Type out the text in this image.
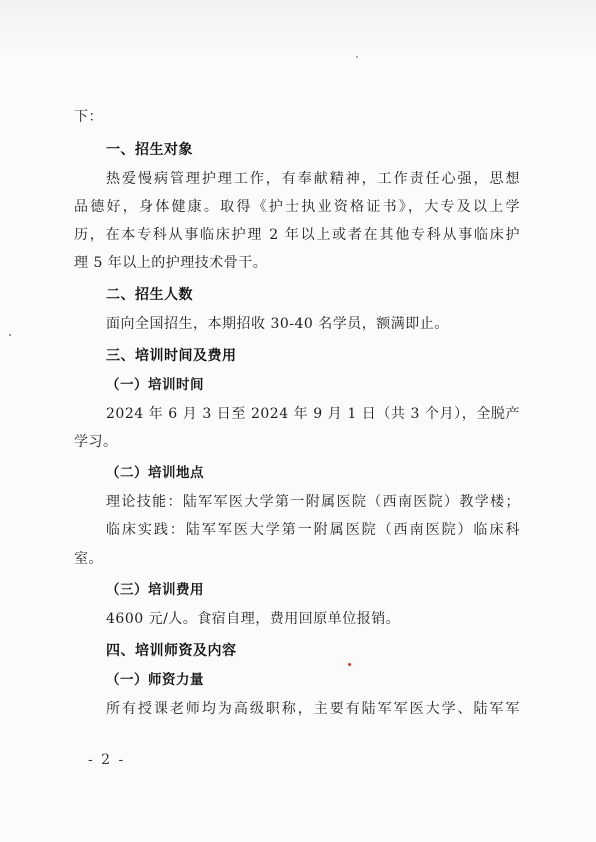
下：
一、招生对象
热爱慢病管理护理工作，有奉献精神，工作责任心强，思想
品德好，身体健康。取得《护士执业资格证书》，大专及以上学
历，在本专科从事临床护理 2 年以上或者在其他专科从事临床护
理 5 年以上的护理技术骨干。
二、招生人数
面向全国招生，本期招收 30-40 名学员，额满即止。
三、培训时间及费用
（一）培训时间
2024 年 6 月 3 日至 2024 年 9 月 1 日（共 3 个月），全脱产
学习。
（二）培训地点
理论技能：陆军军医大学第一附属医院（西南医院）教学楼；
临床实践：陆军军医大学第一附属医院（西南医院）临床科
室。
（三）培训费用
4600 元/人。食宿自理，费用回原单位报销。
四、培训师资及内容
（一）师资力量
所有授课老师均为高级职称，主要有陆军军医大学、陆军军
- 2 -
